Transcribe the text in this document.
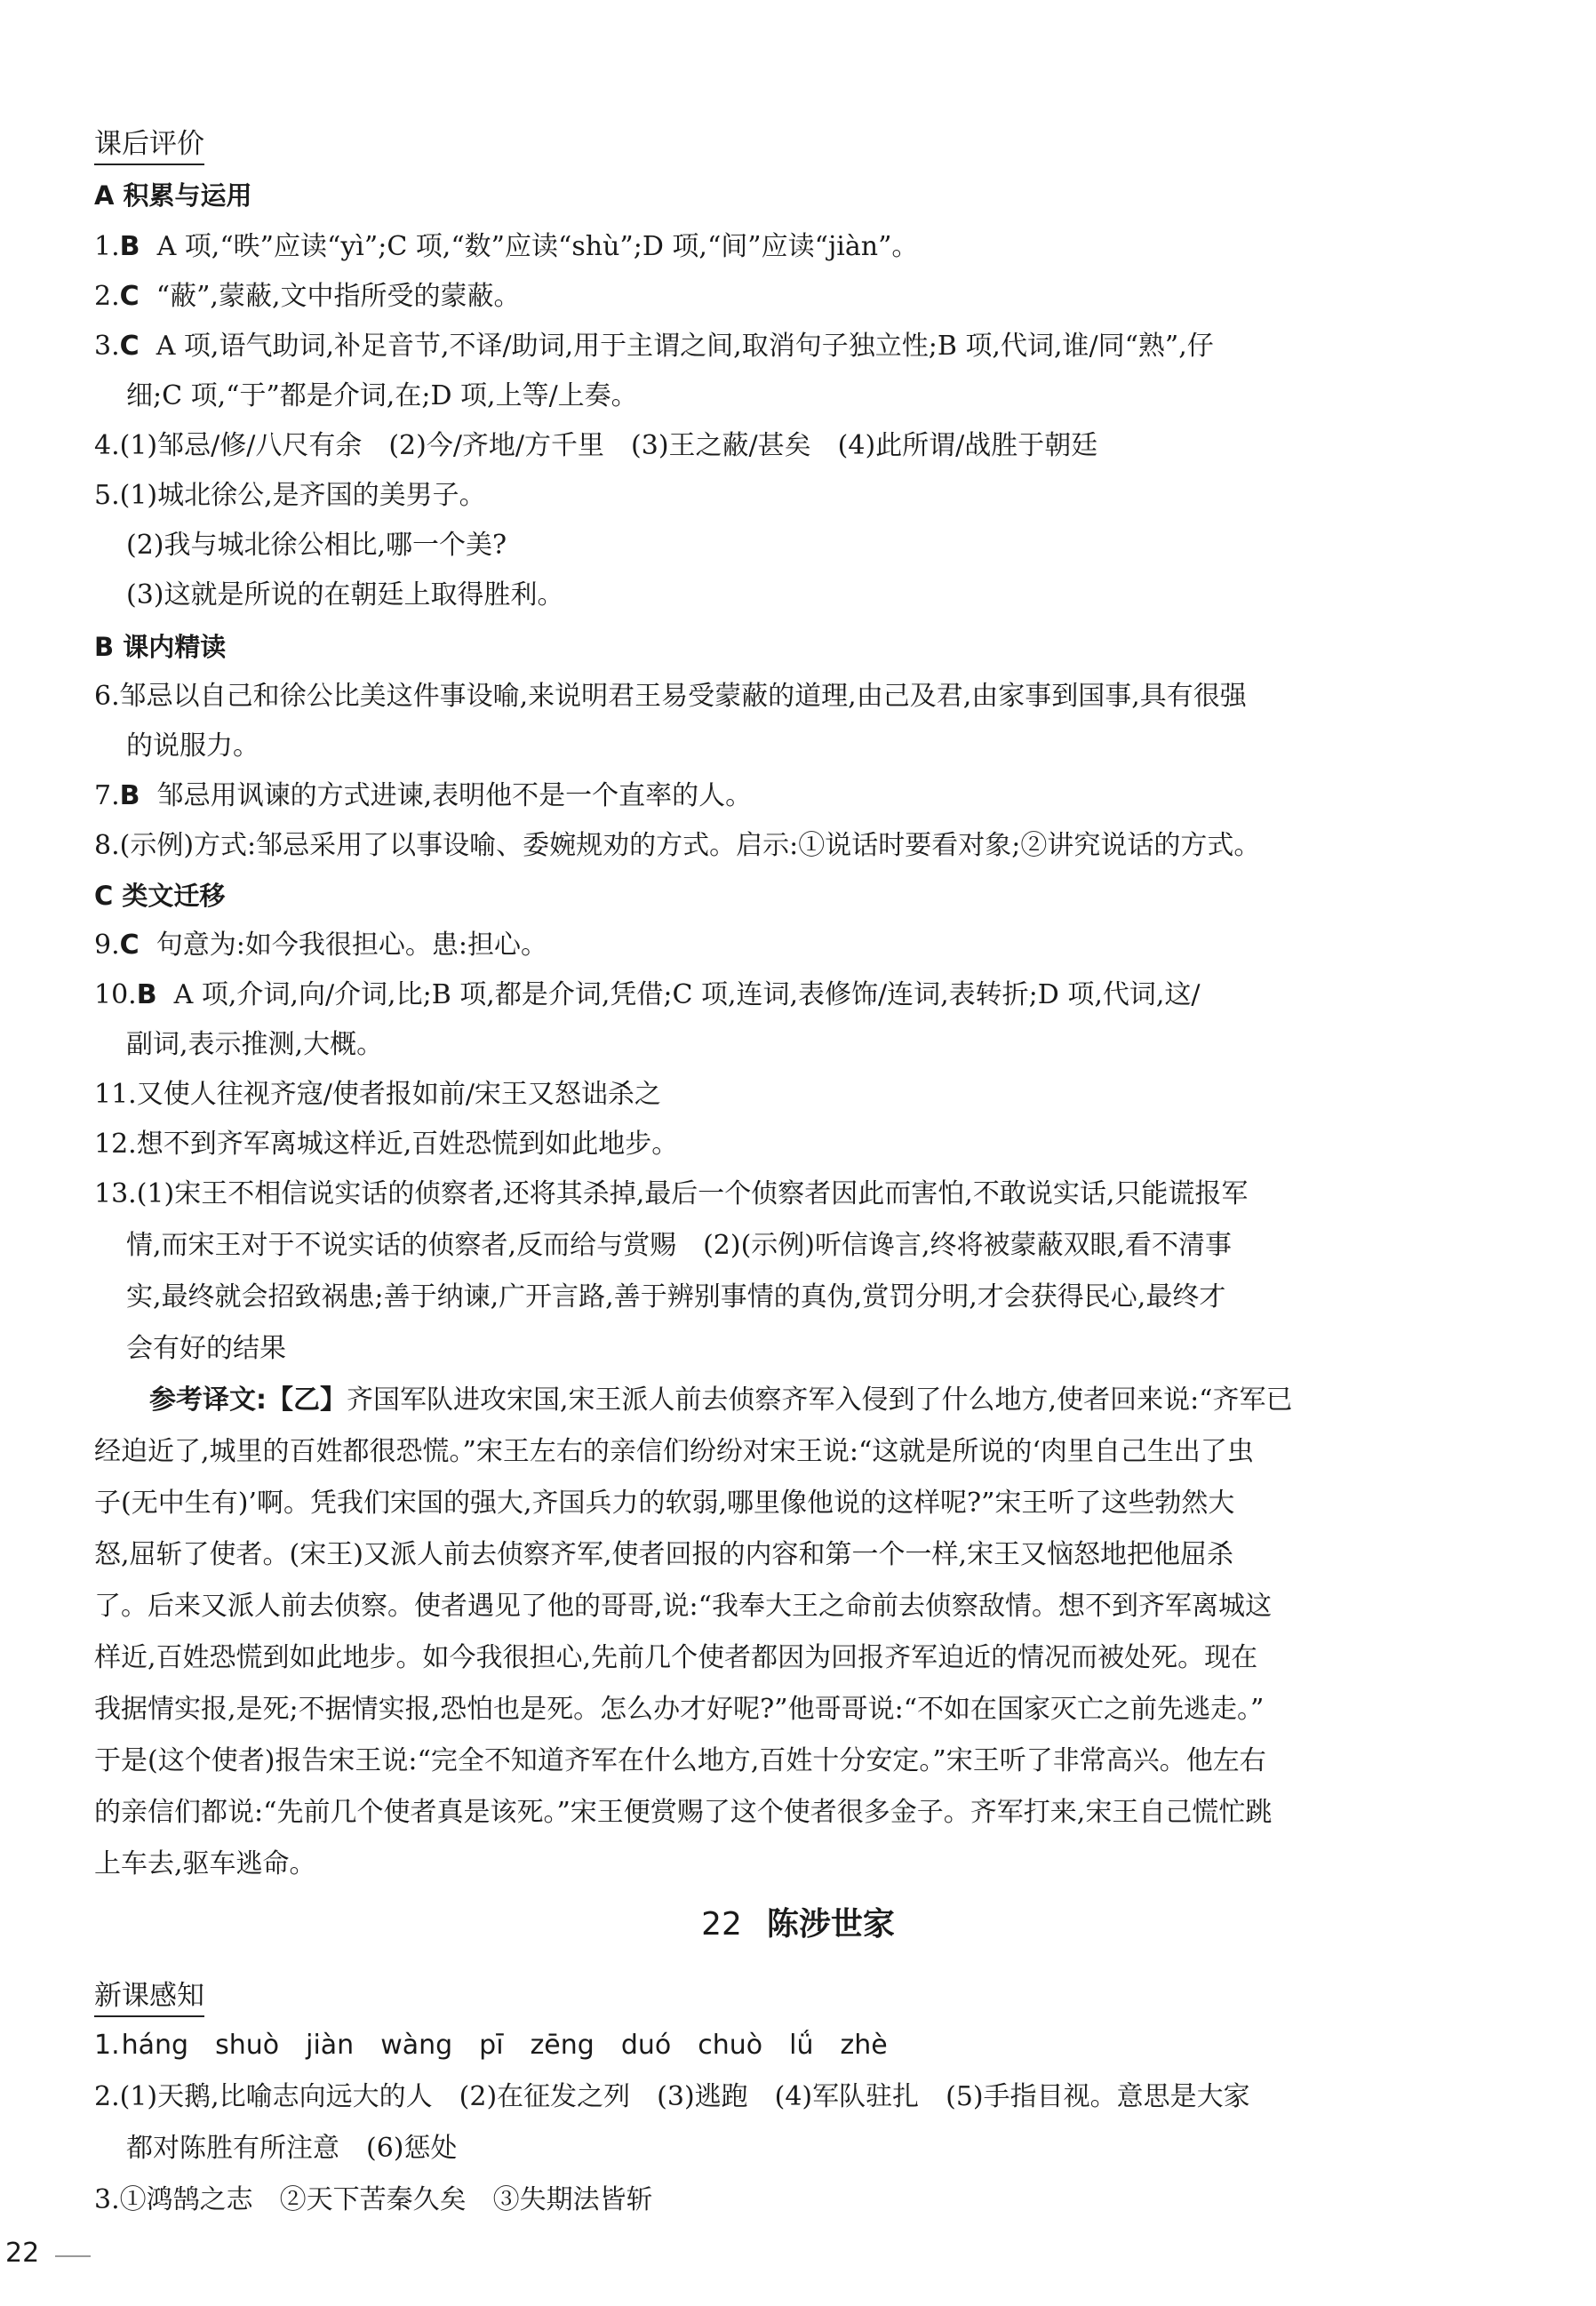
课后评价
A 积累与运用
1.B A 项,“昳”应读“yì”;C 项,“数”应读“shù”;D 项,“间”应读“jiàn”。
2.C “蔽”,蒙蔽,文中指所受的蒙蔽。
3.C A 项,语气助词,补足音节,不译/助词,用于主谓之间,取消句子独立性;B 项,代词,谁/同“熟”,仔
细;C 项,“于”都是介词,在;D 项,上等/上奏。
4.(1)邹忌/修/八尺有余　(2)今/齐地/方千里　(3)王之蔽/甚矣　(4)此所谓/战胜于朝廷
5.(1)城北徐公,是齐国的美男子。
(2)我与城北徐公相比,哪一个美?
(3)这就是所说的在朝廷上取得胜利。
B 课内精读
6.邹忌以自己和徐公比美这件事设喻,来说明君王易受蒙蔽的道理,由己及君,由家事到国事,具有很强
的说服力。
7.B 邹忌用讽谏的方式进谏,表明他不是一个直率的人。
8.(示例)方式:邹忌采用了以事设喻、委婉规劝的方式。启示:①说话时要看对象;②讲究说话的方式。
C 类文迁移
9.C 句意为:如今我很担心。患:担心。
10.B A 项,介词,向/介词,比;B 项,都是介词,凭借;C 项,连词,表修饰/连词,表转折;D 项,代词,这/
副词,表示推测,大概。
11.又使人往视齐寇/使者报如前/宋王又怒诎杀之
12.想不到齐军离城这样近,百姓恐慌到如此地步。
13.(1)宋王不相信说实话的侦察者,还将其杀掉,最后一个侦察者因此而害怕,不敢说实话,只能谎报军
情,而宋王对于不说实话的侦察者,反而给与赏赐　(2)(示例)听信谗言,终将被蒙蔽双眼,看不清事
实,最终就会招致祸患;善于纳谏,广开言路,善于辨别事情的真伪,赏罚分明,才会获得民心,最终才
会有好的结果
参考译文:【乙】齐国军队进攻宋国,宋王派人前去侦察齐军入侵到了什么地方,使者回来说:“齐军已
经迫近了,城里的百姓都很恐慌。”宋王左右的亲信们纷纷对宋王说:“这就是所说的‘肉里自己生出了虫
子(无中生有)’啊。凭我们宋国的强大,齐国兵力的软弱,哪里像他说的这样呢?”宋王听了这些勃然大
怒,屈斩了使者。(宋王)又派人前去侦察齐军,使者回报的内容和第一个一样,宋王又恼怒地把他屈杀
了。后来又派人前去侦察。使者遇见了他的哥哥,说:“我奉大王之命前去侦察敌情。想不到齐军离城这
样近,百姓恐慌到如此地步。如今我很担心,先前几个使者都因为回报齐军迫近的情况而被处死。现在
我据情实报,是死;不据情实报,恐怕也是死。怎么办才好呢?”他哥哥说:“不如在国家灭亡之前先逃走。”
于是(这个使者)报告宋王说:“完全不知道齐军在什么地方,百姓十分安定。”宋王听了非常高兴。他左右
的亲信们都说:“先前几个使者真是该死。”宋王便赏赐了这个使者很多金子。齐军打来,宋王自己慌忙跳
上车去,驱车逃命。
22 陈涉世家
新课感知
1.háng shuò jiàn wàng pī zēng duó chuò lǘ zhè
2.(1)天鹅,比喻志向远大的人　(2)在征发之列　(3)逃跑　(4)军队驻扎　(5)手指目视。意思是大家
都对陈胜有所注意　(6)惩处
3.①鸿鹄之志　②天下苦秦久矣　③失期法皆斩
22
